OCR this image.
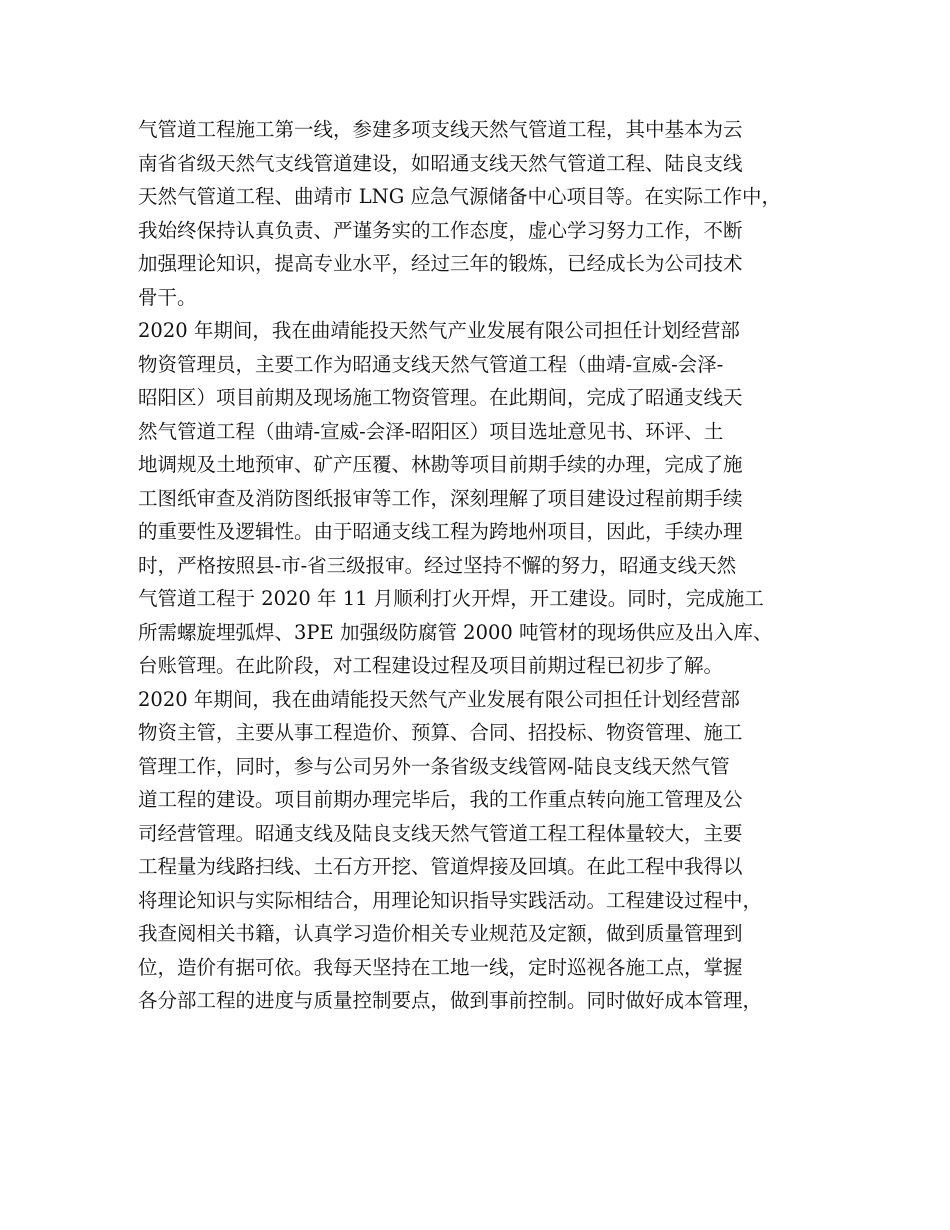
气管道工程施工第一线，参建多项支线天然气管道工程，其中基本为云
南省省级天然气支线管道建设，如昭通支线天然气管道工程、陆良支线
天然气管道工程、曲靖市 LNG 应急气源储备中心项目等。在实际工作中，
我始终保持认真负责、严谨务实的工作态度，虚心学习努力工作，不断
加强理论知识，提高专业水平，经过三年的锻炼，已经成长为公司技术
骨干。
2020 年期间，我在曲靖能投天然气产业发展有限公司担任计划经营部
物资管理员，主要工作为昭通支线天然气管道工程（曲靖-宣威-会泽-
昭阳区）项目前期及现场施工物资管理。在此期间，完成了昭通支线天
然气管道工程（曲靖-宣威-会泽-昭阳区）项目选址意见书、环评、土
地调规及土地预审、矿产压覆、林勘等项目前期手续的办理，完成了施
工图纸审查及消防图纸报审等工作，深刻理解了项目建设过程前期手续
的重要性及逻辑性。由于昭通支线工程为跨地州项目，因此，手续办理
时，严格按照县-市-省三级报审。经过坚持不懈的努力，昭通支线天然
气管道工程于 2020 年 11 月顺利打火开焊，开工建设。同时，完成施工
所需螺旋埋弧焊、3PE 加强级防腐管 2000 吨管材的现场供应及出入库、
台账管理。在此阶段，对工程建设过程及项目前期过程已初步了解。
2020 年期间，我在曲靖能投天然气产业发展有限公司担任计划经营部
物资主管，主要从事工程造价、预算、合同、招投标、物资管理、施工
管理工作，同时，参与公司另外一条省级支线管网-陆良支线天然气管
道工程的建设。项目前期办理完毕后，我的工作重点转向施工管理及公
司经营管理。昭通支线及陆良支线天然气管道工程工程体量较大，主要
工程量为线路扫线、土石方开挖、管道焊接及回填。在此工程中我得以
将理论知识与实际相结合，用理论知识指导实践活动。工程建设过程中，
我查阅相关书籍，认真学习造价相关专业规范及定额，做到质量管理到
位，造价有据可依。我每天坚持在工地一线，定时巡视各施工点，掌握
各分部工程的进度与质量控制要点，做到事前控制。同时做好成本管理，
